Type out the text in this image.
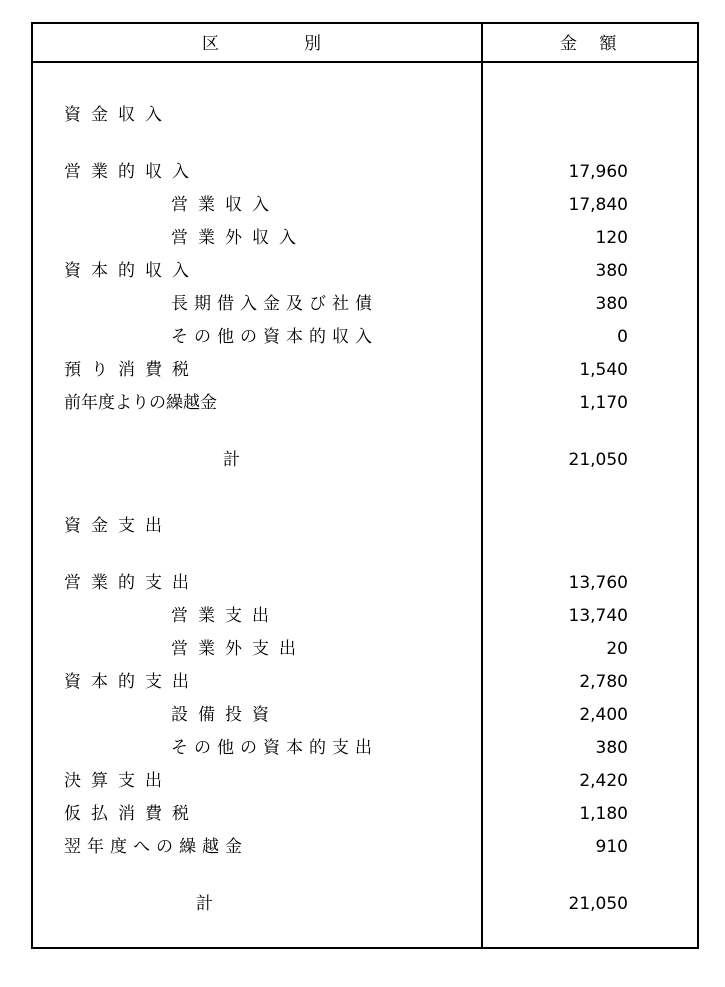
区　　　　　別	金　 額
資金収入
営業的収入	17,960
営業収入	17,840
営業外収入	120
資本的収入	380
長期借入金及び社債	380
その他の資本的収入	0
預り消費税	1,540
前年度よりの繰越金	1,170
計	21,050
資金支出
営業的支出	13,760
営業支出	13,740
営業外支出	20
資本的支出	2,780
設備投資	2,400
その他の資本的支出	380
決算支出	2,420
仮払消費税	1,180
翌年度への繰越金	910
計	21,050
